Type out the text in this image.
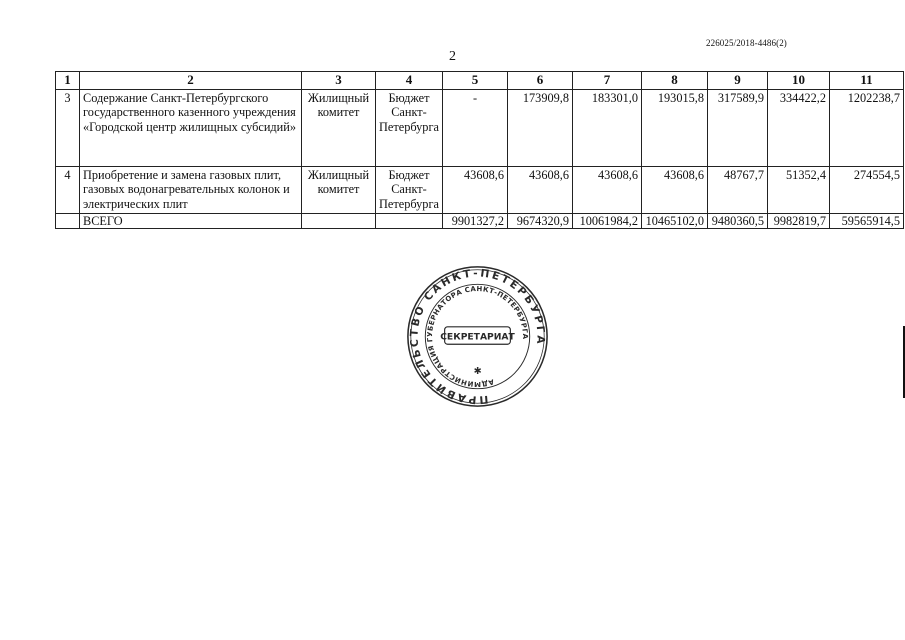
226025/2018-4486(2)
2
1	2	3	4	5	6	7	8	9	10	11
3	Содержание Санкт-Петербургского государственного казенного учреждения «Городской центр жилищных субсидий»	Жилищный комитет	Бюджет Санкт-Петербурга	-	173909,8	183301,0	193015,8	317589,9	334422,2	1202238,7
4	Приобретение и замена газовых плит, газовых водонагревательных колонок и электрических плит	Жилищный комитет	Бюджет Санкт-Петербурга	43608,6	43608,6	43608,6	43608,6	48767,7	51352,4	274554,5
	ВСЕГО			9901327,2	9674320,9	10061984,2	10465102,0	9480360,5	9982819,7	59565914,5
ПРАВИТЕЛЬСТВО САНКТ-ПЕТЕРБУРГА
АДМИНИСТРАЦИЯ ГУБЕРНАТОРА САНКТ-ПЕТЕРБУРГА
СЕКРЕТАРИАТ
✱
